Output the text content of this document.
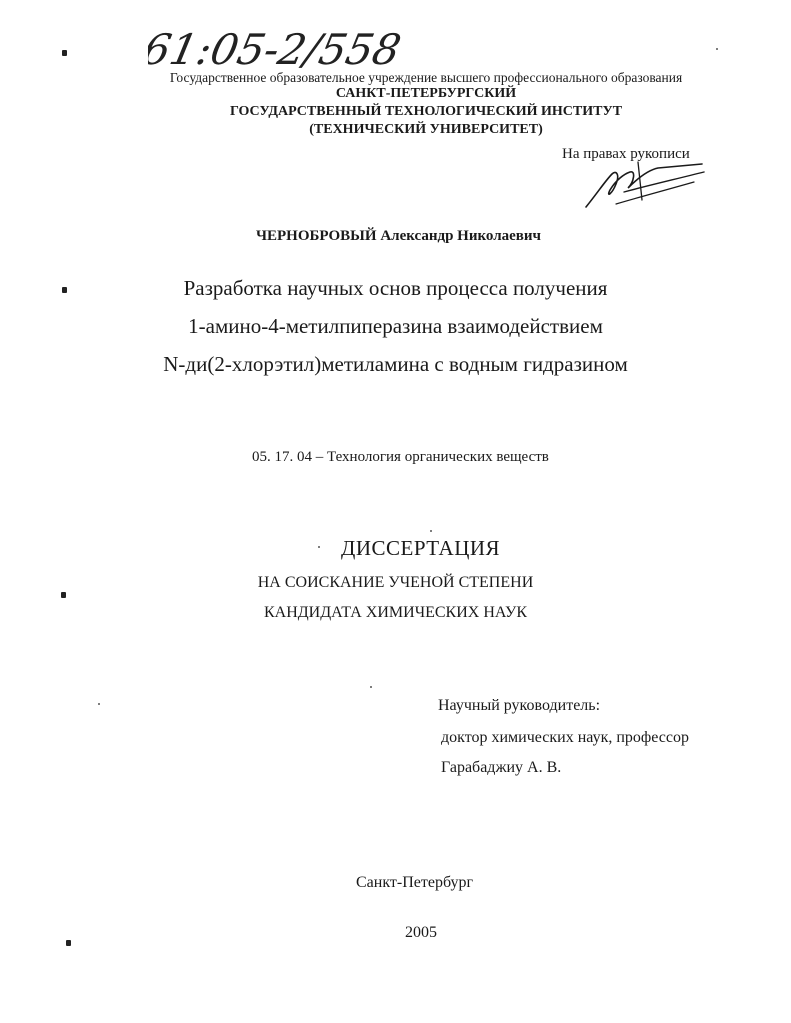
61:05-2/558
Государственное образовательное учреждение высшего профессионального образования
САНКТ-ПЕТЕРБУРГСКИЙ
ГОСУДАРСТВЕННЫЙ ТЕХНОЛОГИЧЕСКИЙ ИНСТИТУТ
(ТЕХНИЧЕСКИЙ УНИВЕРСИТЕТ)
На правах рукописи
ЧЕРНОБРОВЫЙ Александр Николаевич
Разработка научных основ процесса получения
1-амино-4-метилпиперазина взаимодействием
N-ди(2-хлорэтил)метиламина с водным гидразином
05. 17. 04 – Технология органических веществ
ДИССЕРТАЦИЯ
НА СОИСКАНИЕ УЧЕНОЙ СТЕПЕНИ
КАНДИДАТА ХИМИЧЕСКИХ НАУК
Научный руководитель:
доктор химических наук, профессор
Гарабаджиу А. В.
Санкт-Петербург
2005
